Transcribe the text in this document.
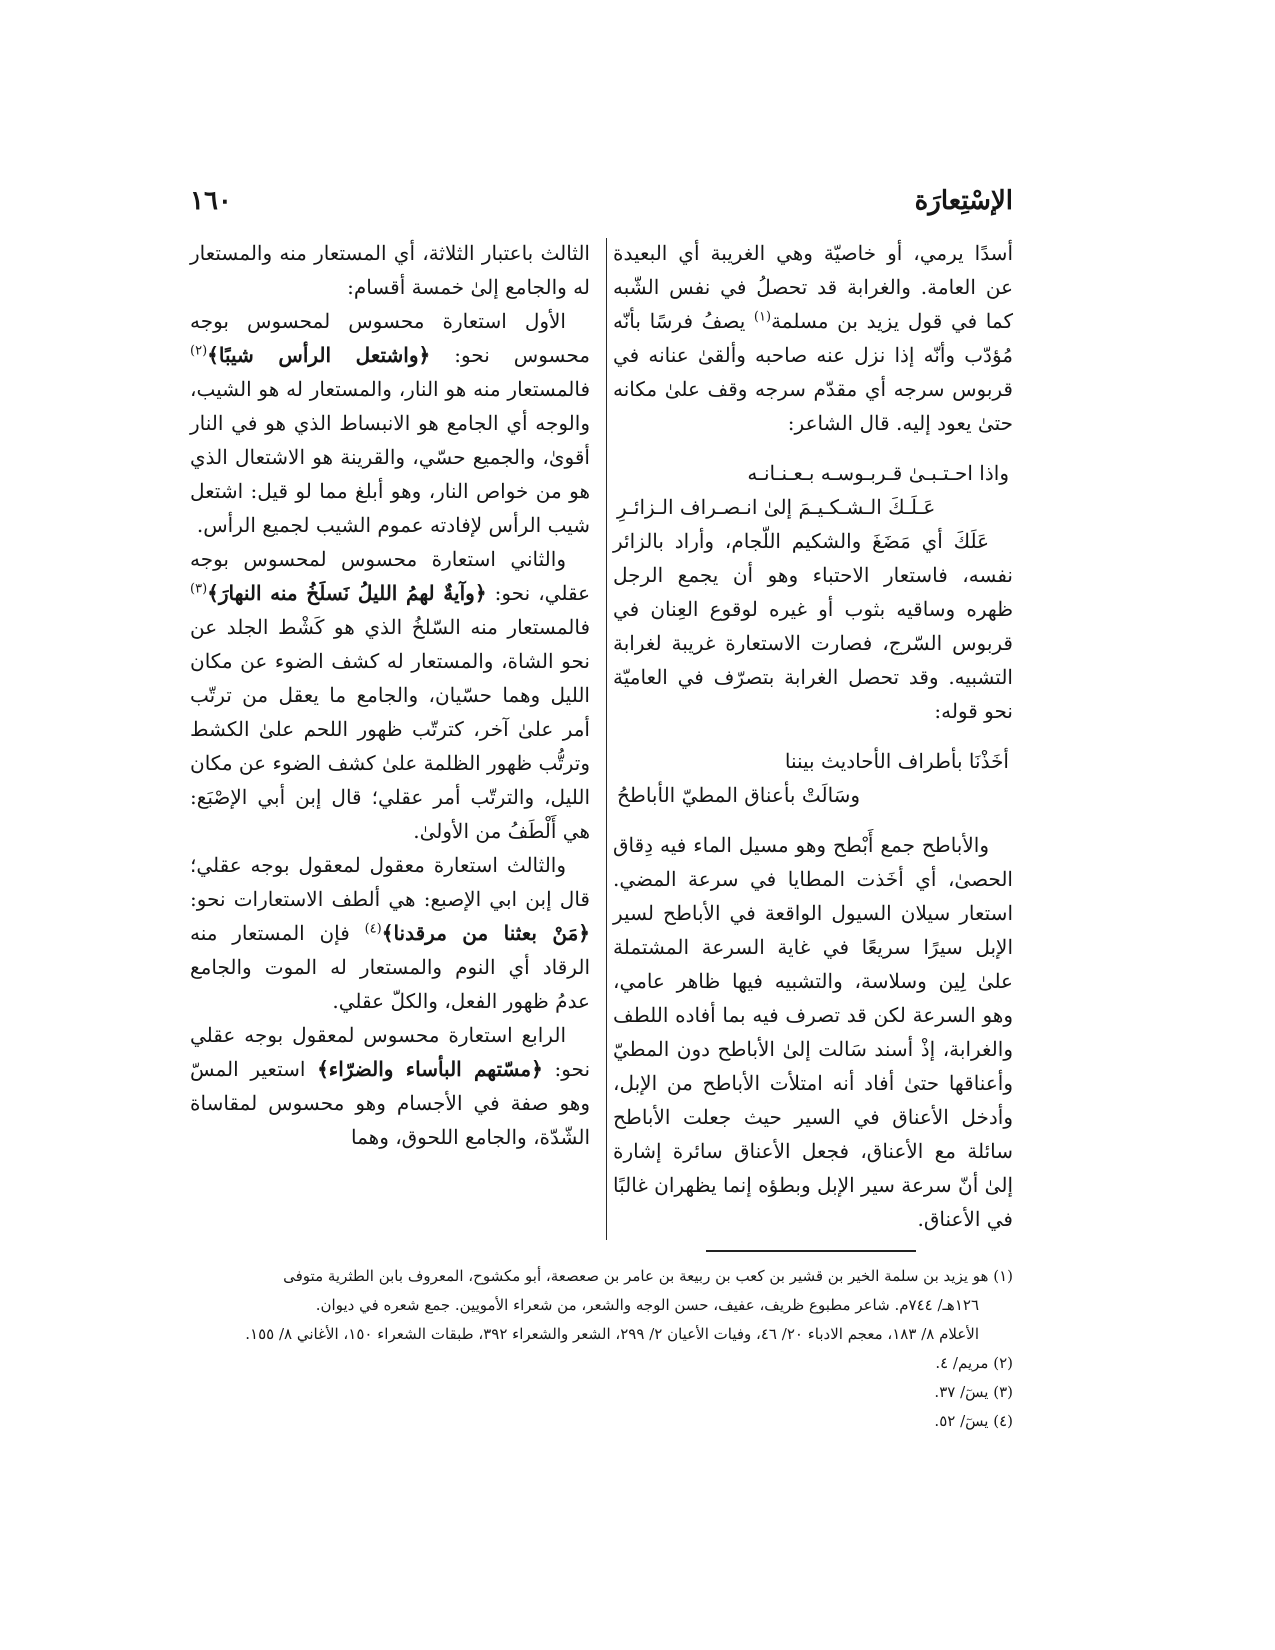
الإسْتِعارَة
١٦٠

أسدًا يرمي، أو خاصيّة وهي الغريبة أي البعيدة عن العامة. والغرابة قد تحصلُ في نفس الشّبه كما في قول يزيد بن مسلمة$^{(١)}$ يصفُ فرسًا بأنّه مُؤدّب وأنّه إذا نزل عنه صاحبه وألقىٰ عنانه في قربوس سرجه أي مقدّم سرجه وقف علىٰ مكانه حتىٰ يعود إليه. قال الشاعر:

واذا احـتـبـىٰ قـربـوسـه بـعـنـانـه

عَـلَـكَ الـشـكـيـمَ إلىٰ انـصـراف الـزائـرِ

عَلَكَ أي مَضَغَ والشكيم اللّجام، وأراد بالزائر نفسه، فاستعار الاحتباء وهو أن يجمع الرجل ظهره وساقيه بثوب أو غيره لوقوع العِنان في قربوس السّرج، فصارت الاستعارة غريبة لغرابة التشبيه. وقد تحصل الغرابة بتصرّف في العاميّة نحو قوله:

أخَذْنَا بأطراف الأحاديث بيننا

وسَالَتْ بأعناق المطيّ الأباطحُ

والأباطح جمع أَبْطح وهو مسيل الماء فيه دِقاق الحصىٰ، أي أخَذت المطايا في سرعة المضي. استعار سيلان السيول الواقعة في الأباطح لسير الإبل سيرًا سريعًا في غاية السرعة المشتملة علىٰ لِين وسلاسة، والتشبيه فيها ظاهر عامي، وهو السرعة لكن قد تصرف فيه بما أفاده اللطف والغرابة، إذْ أسند سَالت إلىٰ الأباطح دون المطيّ وأعناقها حتىٰ أفاد أنه امتلأت الأباطح من الإبل، وأدخل الأعناق في السير حيث جعلت الأباطح سائلة مع الأعناق، فجعل الأعناق سائرة إشارة إلىٰ أنّ سرعة سير الإبل وبطؤه إنما يظهران غالبًا في الأعناق.

الثالث باعتبار الثلاثة، أي المستعار منه والمستعار له والجامع إلىٰ خمسة أقسام:

الأول استعارة محسوس لمحسوس بوجه محسوس نحو: ﴿واشتعل الرأس شيبًا﴾$^{(٢)}$ فالمستعار منه هو النار، والمستعار له هو الشيب، والوجه أي الجامع هو الانبساط الذي هو في النار أقوىٰ، والجميع حسّي، والقرينة هو الاشتعال الذي هو من خواص النار، وهو أبلغ مما لو قيل: اشتعل شيب الرأس لإفادته عموم الشيب لجميع الرأس.

والثاني استعارة محسوس لمحسوس بوجه عقلي، نحو: ﴿وآيةٌ لهمُ الليلُ نَسلَخُ منه النهارَ﴾$^{(٣)}$ فالمستعار منه السّلخُ الذي هو كَشْط الجلد عن نحو الشاة، والمستعار له كشف الضوء عن مكان الليل وهما حسّيان، والجامع ما يعقل من ترتّب أمر علىٰ آخر، كترتّب ظهور اللحم علىٰ الكشط وترتُّب ظهور الظلمة علىٰ كشف الضوء عن مكان الليل، والترتّب أمر عقلي؛ قال إبن أبي الإصْبَع: هي أَلْطَفُ من الأولىٰ.

والثالث استعارة معقول لمعقول بوجه عقلي؛ قال إبن ابي الإصبع: هي ألطف الاستعارات نحو: ﴿مَنْ بعثنا من مرقدنا﴾$^{(٤)}$ فإن المستعار منه الرقاد أي النوم والمستعار له الموت والجامع عدمُ ظهور الفعل، والكلّ عقلي.

الرابع استعارة محسوس لمعقول بوجه عقلي نحو: ﴿مسّتهم البأساء والضرّاء﴾ استعير المسّ وهو صفة في الأجسام وهو محسوس لمقاساة الشّدّة، والجامع اللحوق، وهما

(١) هو يزيد بن سلمة الخير بن قشير بن كعب بن ربيعة بن عامر بن صعصعة، أبو مكشوح، المعروف بابن الطثرية متوفى

١٢٦هـ/ ٧٤٤م. شاعر مطبوع ظريف، عفيف، حسن الوجه والشعر، من شعراء الأمويين. جمع شعره في ديوان.

الأعلام ٨/ ١٨٣، معجم الادباء ٢٠/ ٤٦، وفيات الأعيان ٢/ ٢٩٩، الشعر والشعراء ٣٩٢، طبقات الشعراء ١٥٠، الأغاني ٨/ ١٥٥.

(٢) مريم/ ٤.

(٣) يسٓ/ ٣٧.

(٤) يسٓ/ ٥٢.
